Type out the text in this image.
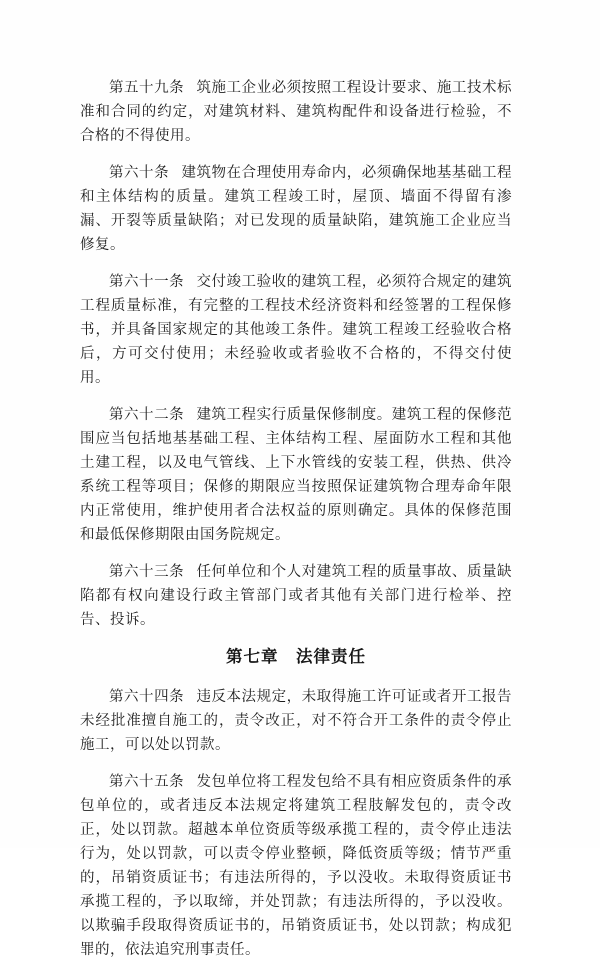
第五十九条 筑施工企业必须按照工程设计要求、施工技术标准和合同的约定，对建筑材料、建筑构配件和设备进行检验，不合格的不得使用。

第六十条 建筑物在合理使用寿命内，必须确保地基基础工程和主体结构的质量。建筑工程竣工时，屋顶、墙面不得留有渗漏、开裂等质量缺陷；对已发现的质量缺陷，建筑施工企业应当修复。

第六十一条 交付竣工验收的建筑工程，必须符合规定的建筑工程质量标准，有完整的工程技术经济资料和经签署的工程保修书，并具备国家规定的其他竣工条件。建筑工程竣工经验收合格后，方可交付使用；未经验收或者验收不合格的，不得交付使用。

第六十二条 建筑工程实行质量保修制度。建筑工程的保修范围应当包括地基基础工程、主体结构工程、屋面防水工程和其他土建工程，以及电气管线、上下水管线的安装工程，供热、供冷系统工程等项目；保修的期限应当按照保证建筑物合理寿命年限内正常使用，维护使用者合法权益的原则确定。具体的保修范围和最低保修期限由国务院规定。

第六十三条 任何单位和个人对建筑工程的质量事故、质量缺陷都有权向建设行政主管部门或者其他有关部门进行检举、控告、投诉。

第七章　法律责任

第六十四条 违反本法规定，未取得施工许可证或者开工报告未经批准擅自施工的，责令改正，对不符合开工条件的责令停止施工，可以处以罚款。

第六十五条 发包单位将工程发包给不具有相应资质条件的承包单位的，或者违反本法规定将建筑工程肢解发包的，责令改正，处以罚款。超越本单位资质等级承揽工程的，责令停止违法行为，处以罚款，可以责令停业整顿，降低资质等级；情节严重的，吊销资质证书；有违法所得的，予以没收。未取得资质证书承揽工程的，予以取缔，并处罚款；有违法所得的，予以没收。以欺骗手段取得资质证书的，吊销资质证书，处以罚款；构成犯罪的，依法追究刑事责任。
